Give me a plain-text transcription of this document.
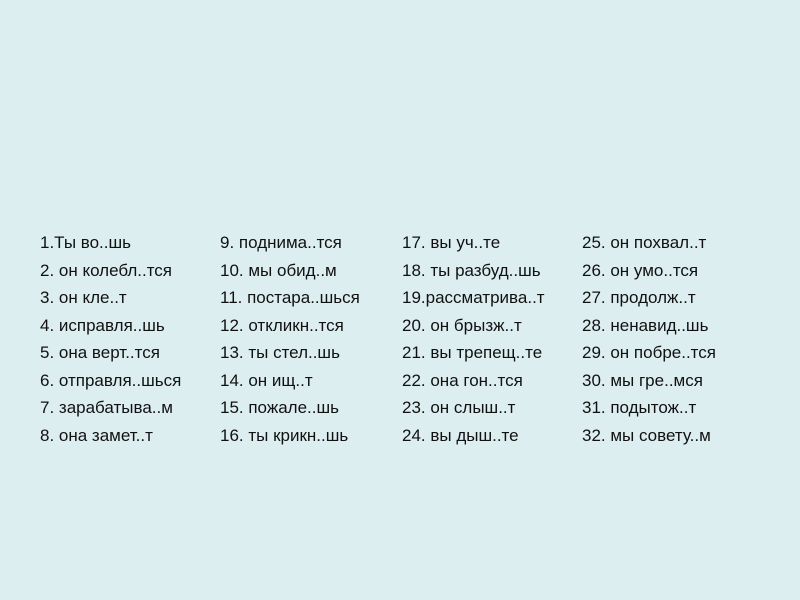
1.Ты во..шь
2. он колебл..тся
3. он кле..т
4. исправля..шь
5. она верт..тся
6. отправля..шься
7. зарабатыва..м
8. она замет..т
9. поднима..тся
10. мы обид..м
11. постара..шься
12. откликн..тся
13. ты стел..шь
14. он ищ..т
15. пожале..шь
16. ты крикн..шь
17. вы уч..те
18. ты разбуд..шь
19.рассматрива..т
20. он брызж..т
21. вы трепещ..те
22. она гон..тся
23. он слыш..т
24. вы дыш..те
25. он похвал..т
26. он умо..тся
27. продолж..т
28. ненавид..шь
29. он побре..тся
30. мы гре..мся
31. подытож..т
32. мы совету..м
